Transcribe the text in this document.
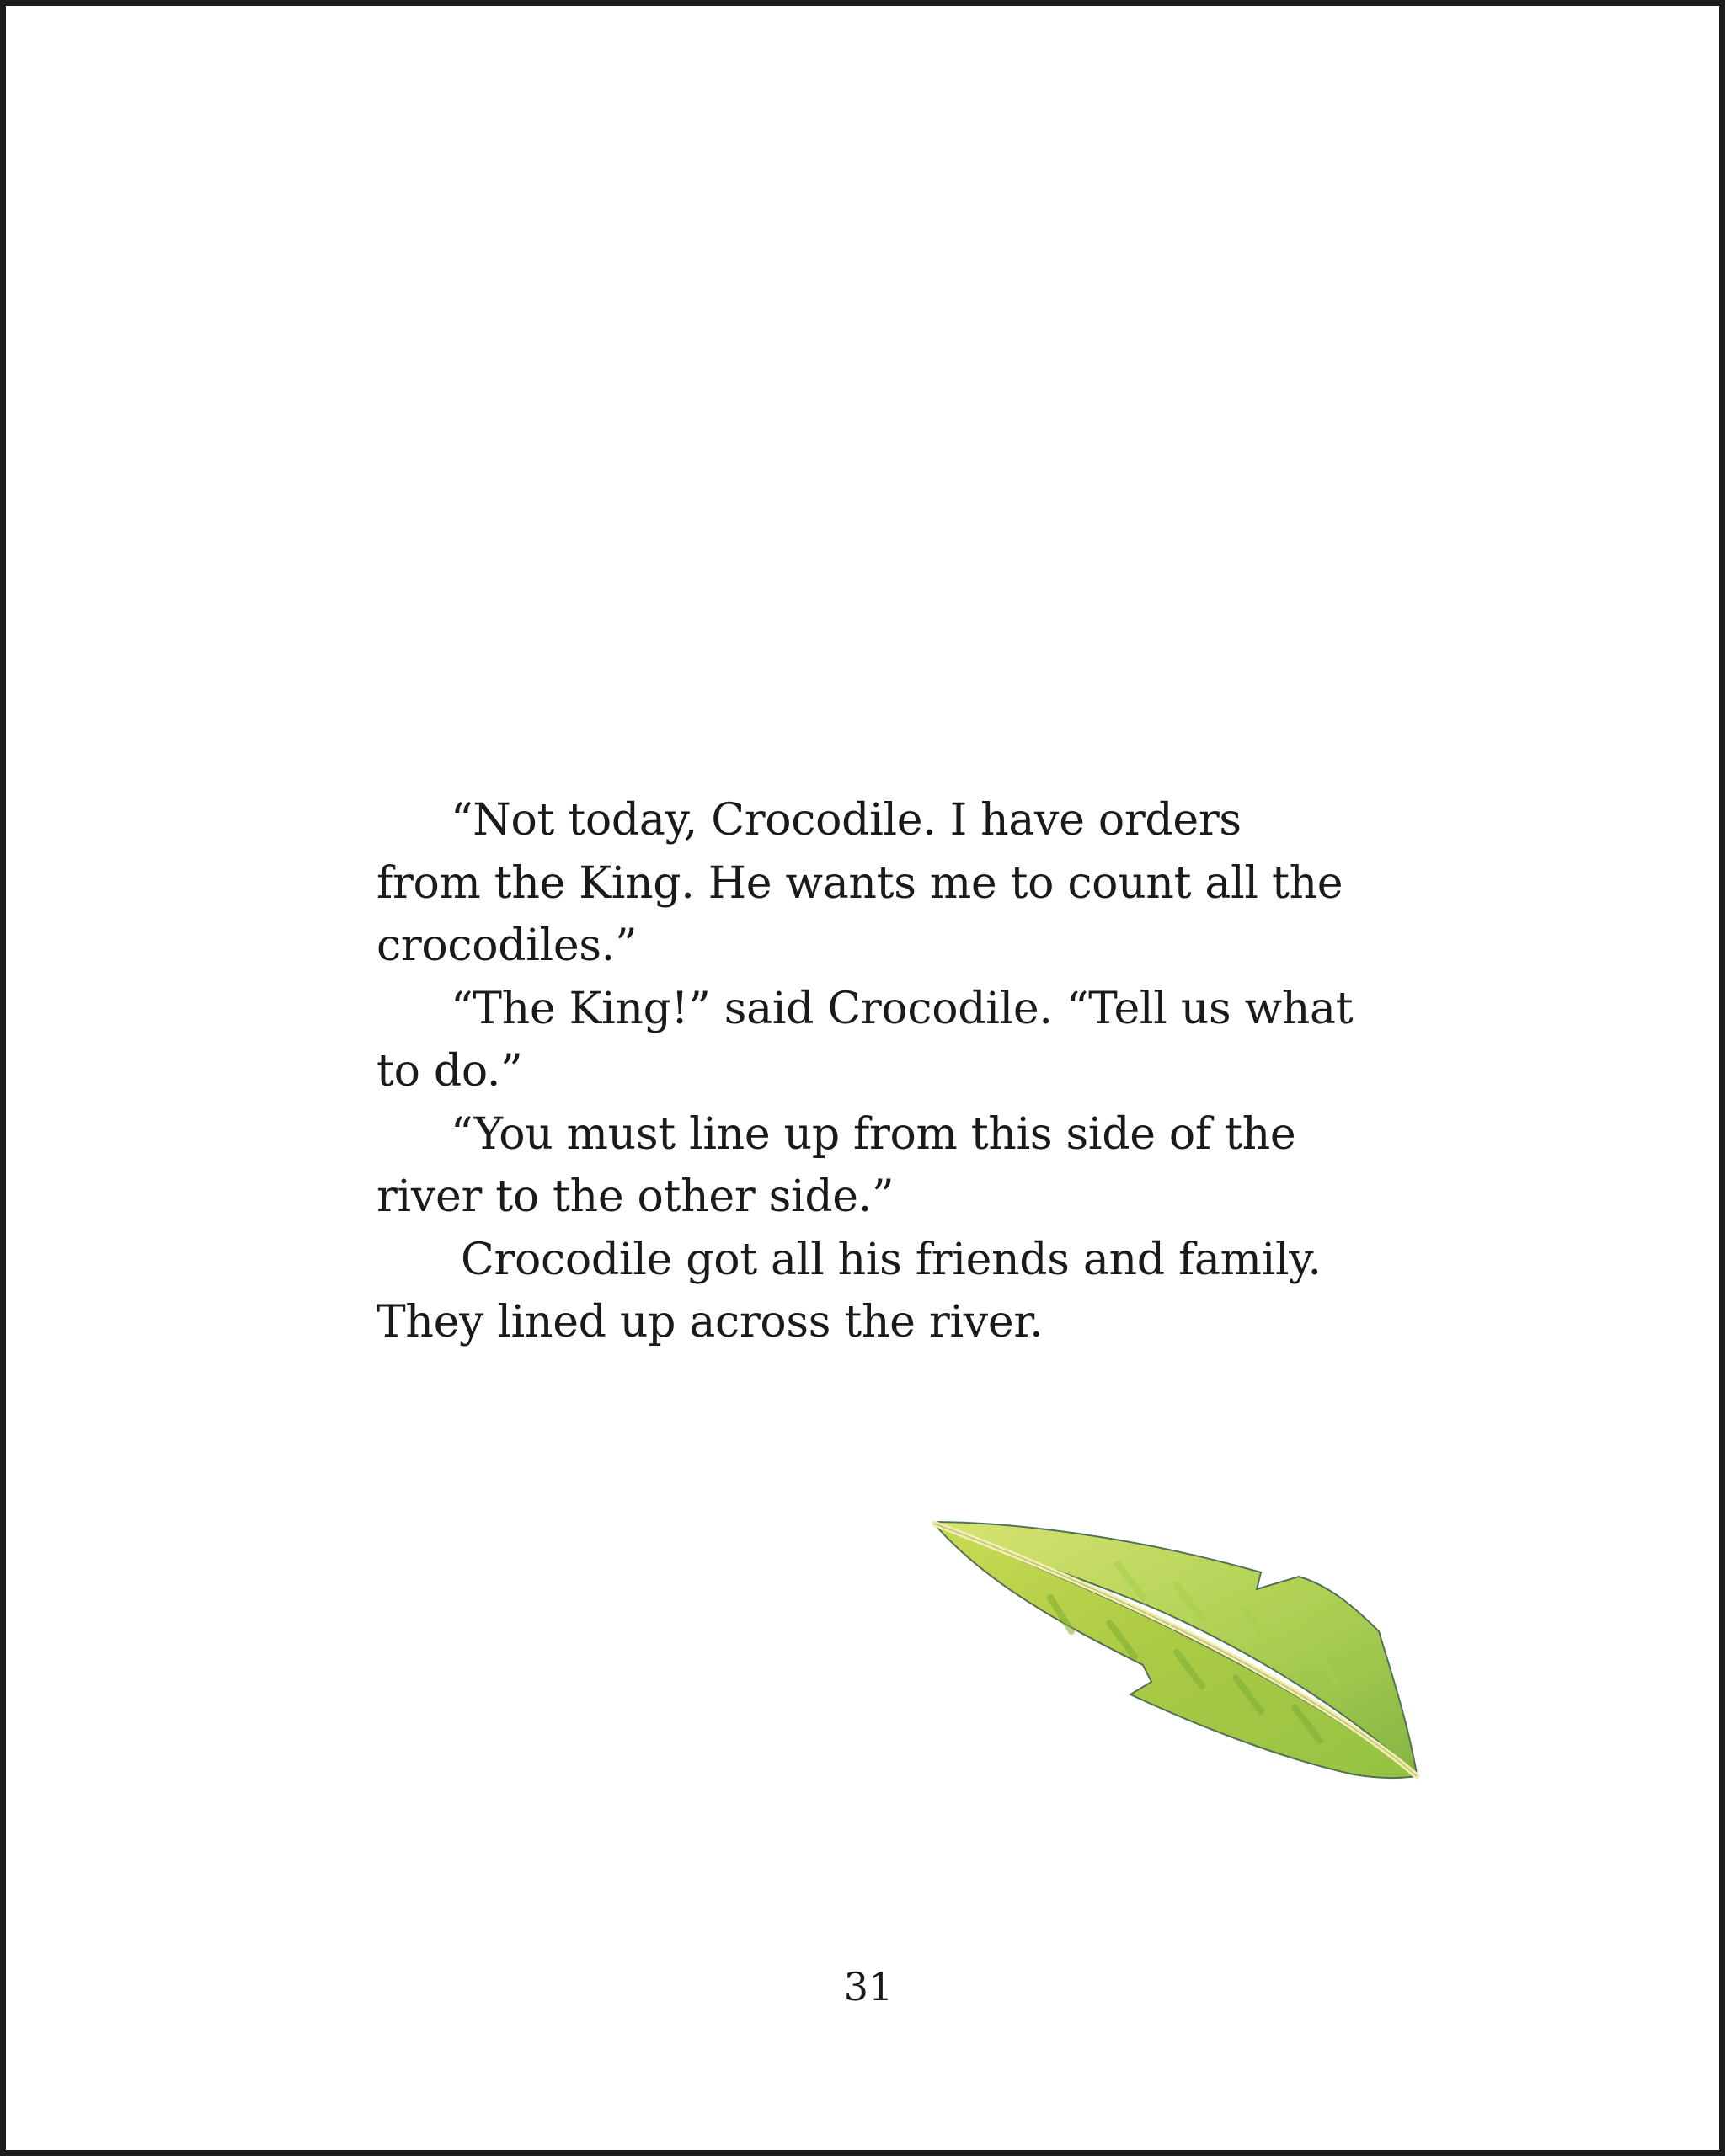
“Not today, Crocodile. I have orders
from the King. He wants me to count all the
crocodiles.”
“The King!” said Crocodile. “Tell us what
to do.”
“You must line up from this side of the
river to the other side.”
Crocodile got all his friends and family.
They lined up across the river.
31
